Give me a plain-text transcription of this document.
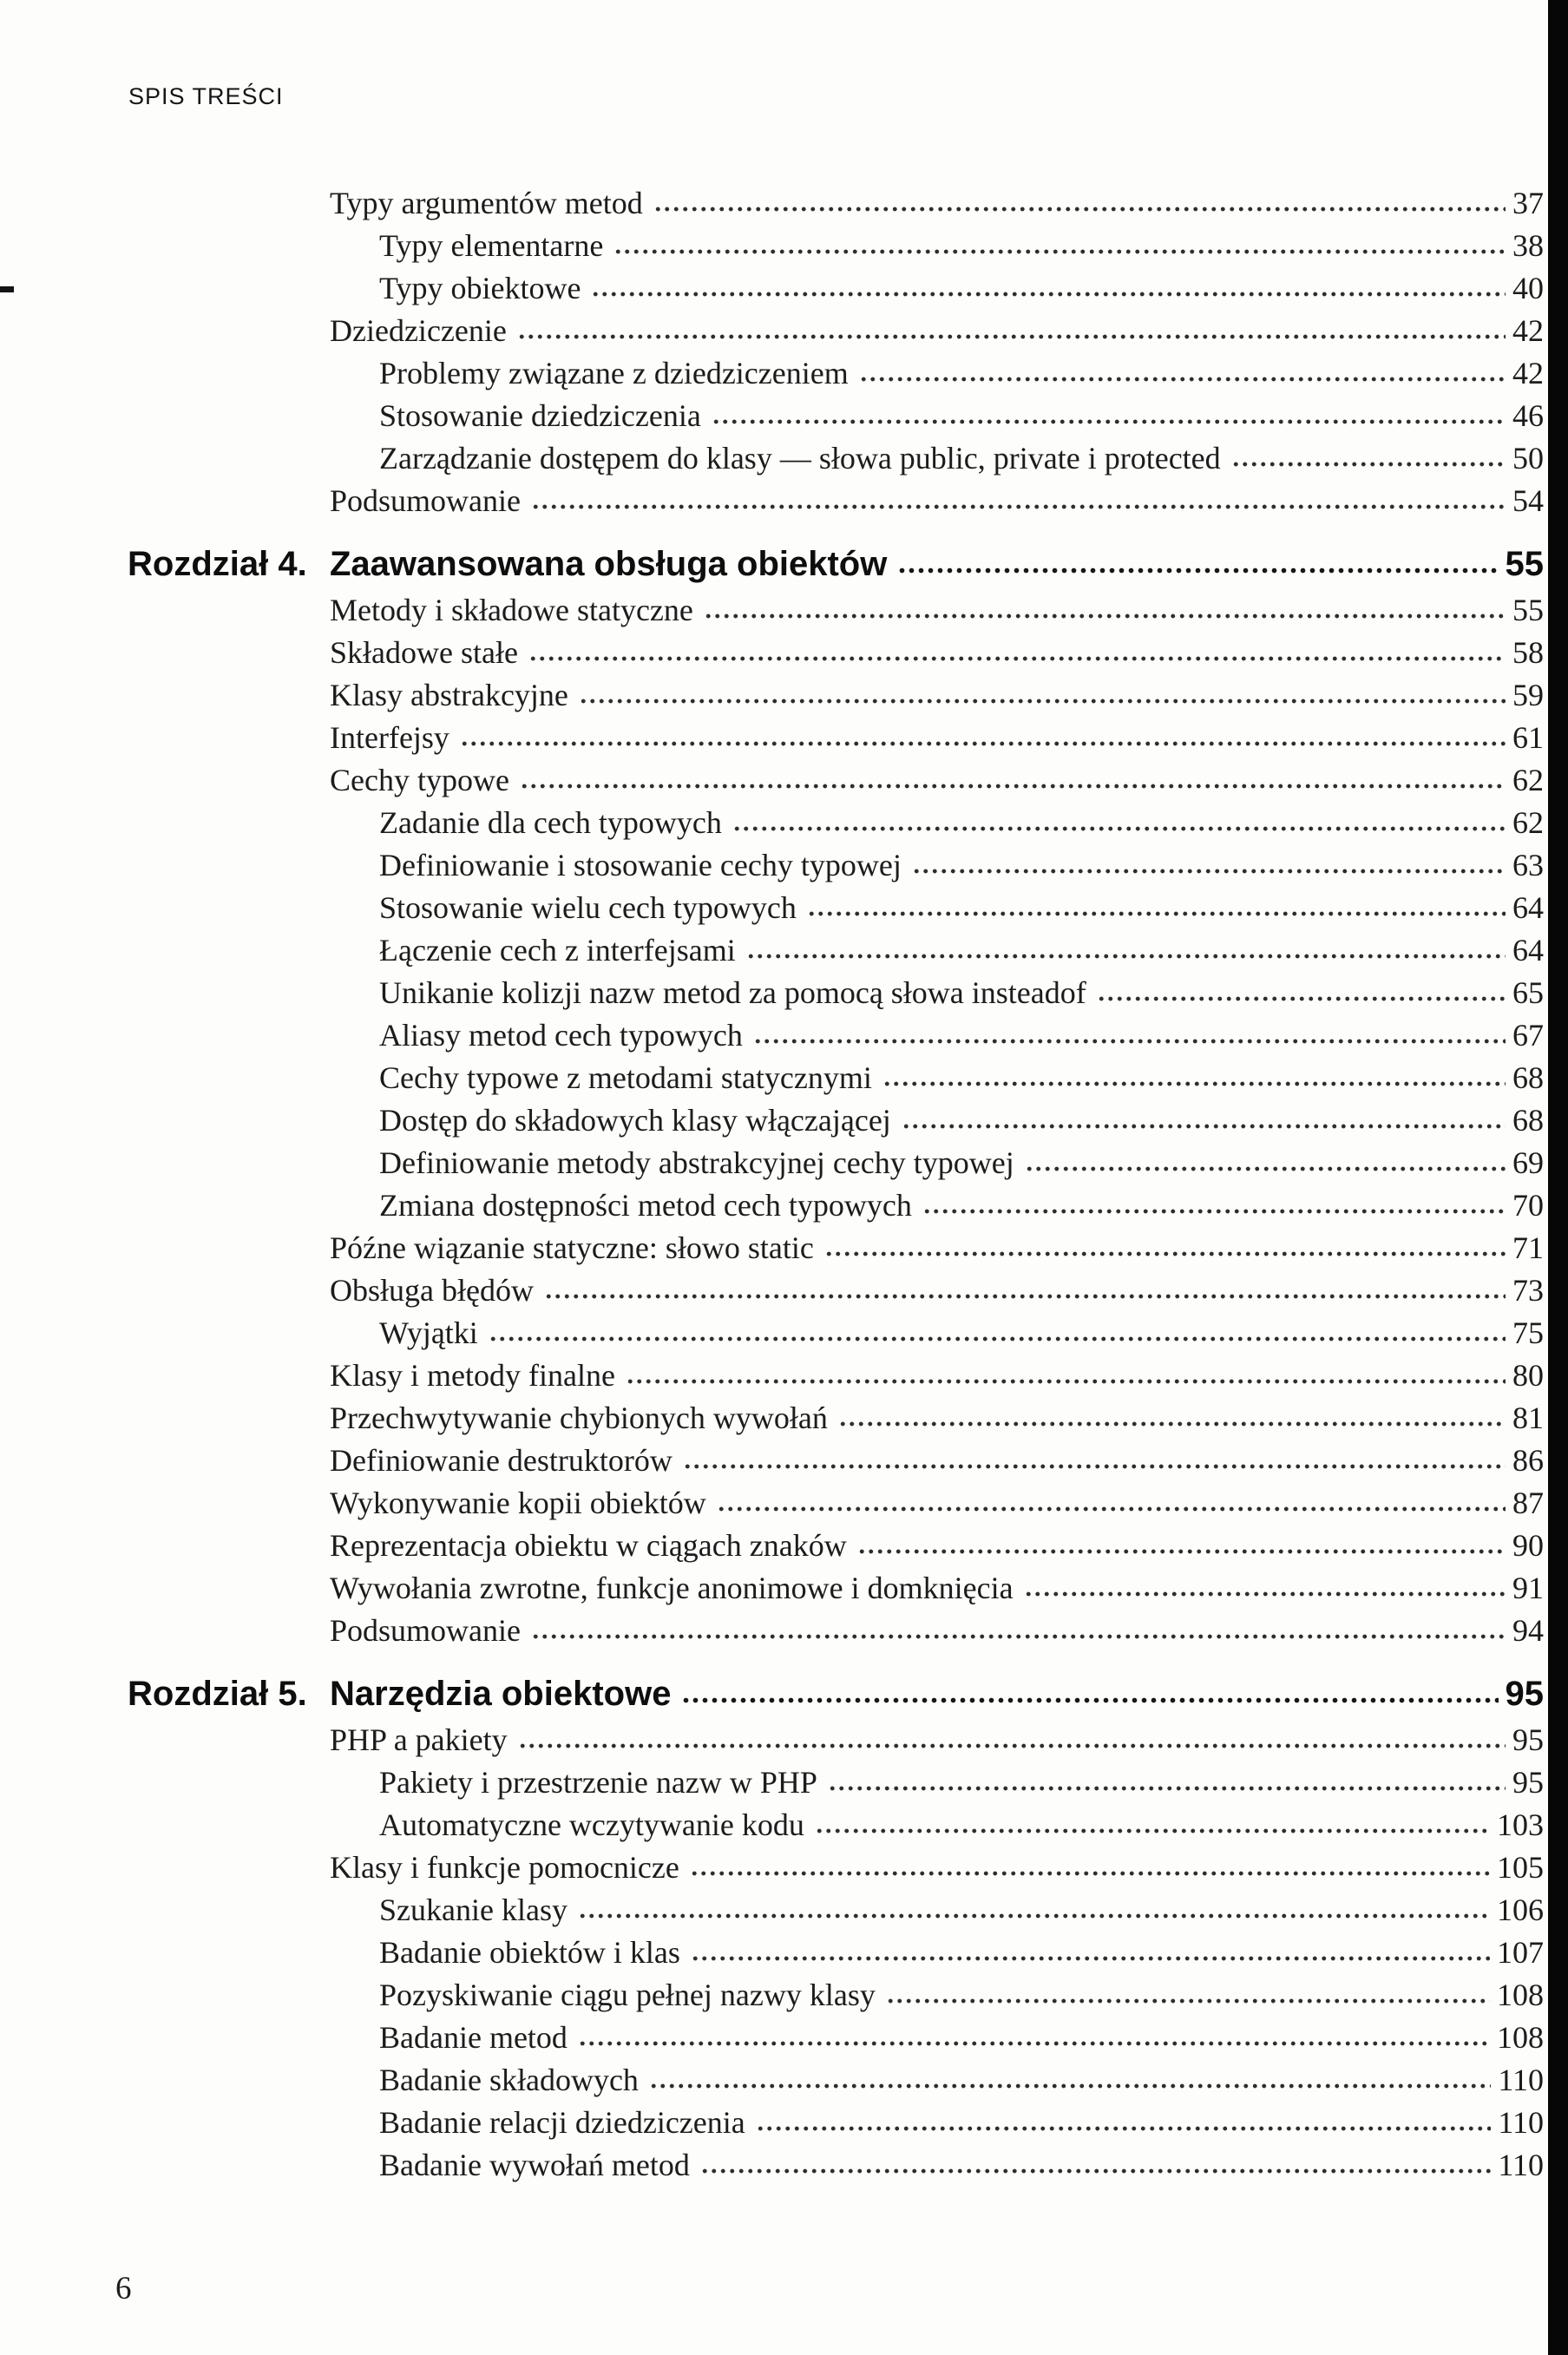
SPIS TREŚCI
Typy argumentów metod	37
Typy elementarne	38
Typy obiektowe	40
Dziedziczenie	42
Problemy związane z dziedziczeniem	42
Stosowanie dziedziczenia	46
Zarządzanie dostępem do klasy — słowa public, private i protected	50
Podsumowanie	54
Rozdział 4. Zaawansowana obsługa obiektów	55
Metody i składowe statyczne	55
Składowe stałe	58
Klasy abstrakcyjne	59
Interfejsy	61
Cechy typowe	62
Zadanie dla cech typowych	62
Definiowanie i stosowanie cechy typowej	63
Stosowanie wielu cech typowych	64
Łączenie cech z interfejsami	64
Unikanie kolizji nazw metod za pomocą słowa insteadof	65
Aliasy metod cech typowych	67
Cechy typowe z metodami statycznymi	68
Dostęp do składowych klasy włączającej	68
Definiowanie metody abstrakcyjnej cechy typowej	69
Zmiana dostępności metod cech typowych	70
Późne wiązanie statyczne: słowo static	71
Obsługa błędów	73
Wyjątki	75
Klasy i metody finalne	80
Przechwytywanie chybionych wywołań	81
Definiowanie destruktorów	86
Wykonywanie kopii obiektów	87
Reprezentacja obiektu w ciągach znaków	90
Wywołania zwrotne, funkcje anonimowe i domknięcia	91
Podsumowanie	94
Rozdział 5. Narzędzia obiektowe	95
PHP a pakiety	95
Pakiety i przestrzenie nazw w PHP	95
Automatyczne wczytywanie kodu	103
Klasy i funkcje pomocnicze	105
Szukanie klasy	106
Badanie obiektów i klas	107
Pozyskiwanie ciągu pełnej nazwy klasy	108
Badanie metod	108
Badanie składowych	110
Badanie relacji dziedziczenia	110
Badanie wywołań metod	110
6
